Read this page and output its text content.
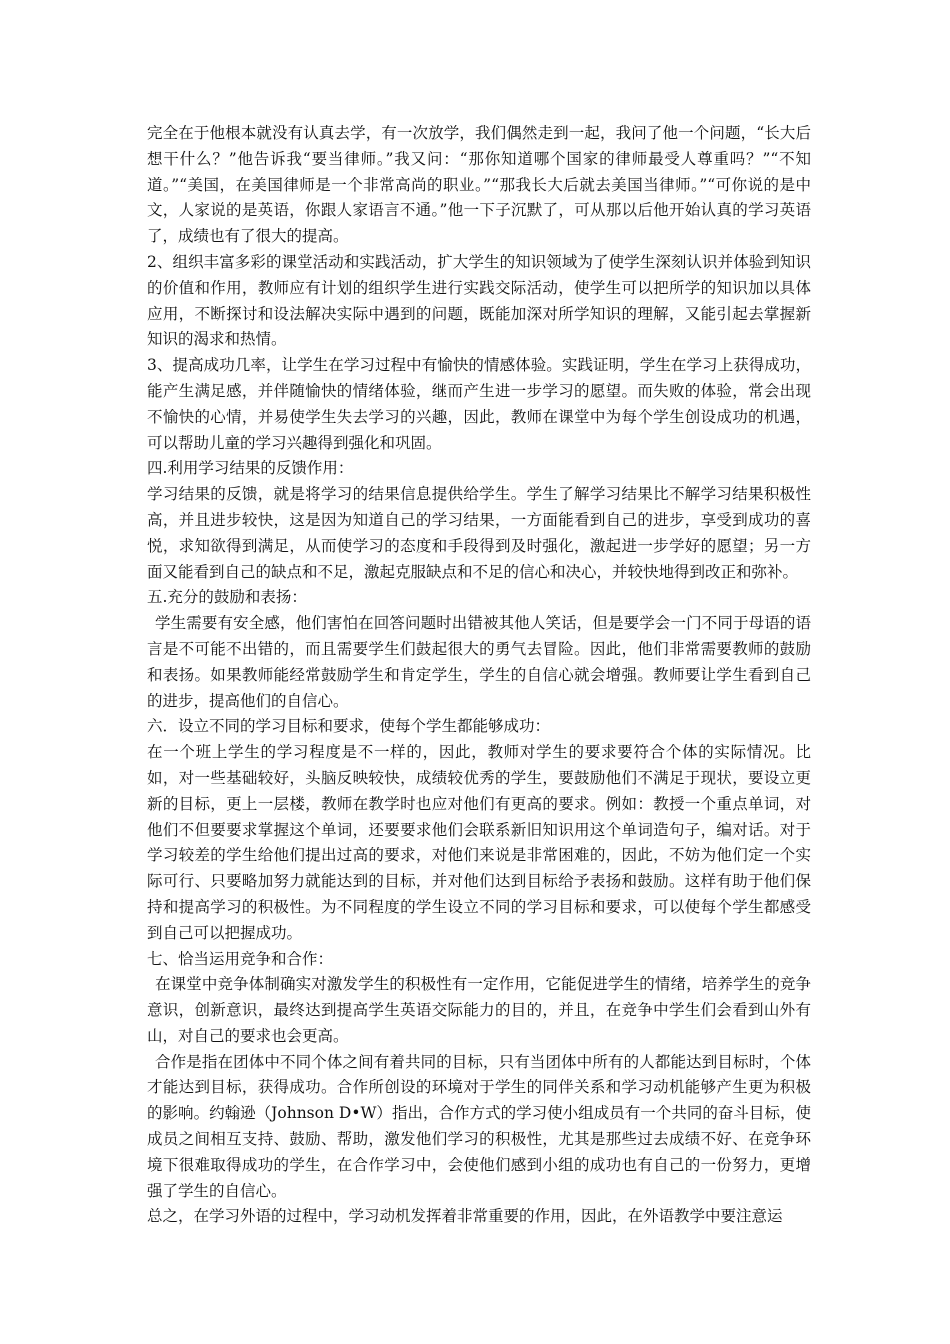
完全在于他根本就没有认真去学，有一次放学，我们偶然走到一起，我问了他一个问题，“长大后想干什么？”他告诉我“要当律师。”我又问：“那你知道哪个国家的律师最受人尊重吗？”“不知道。”“美国，在美国律师是一个非常高尚的职业。”“那我长大后就去美国当律师。”“可你说的是中文，人家说的是英语，你跟人家语言不通。”他一下子沉默了，可从那以后他开始认真的学习英语了，成绩也有了很大的提高。

2、组织丰富多彩的课堂活动和实践活动，扩大学生的知识领域为了使学生深刻认识并体验到知识的价值和作用，教师应有计划的组织学生进行实践交际活动，使学生可以把所学的知识加以具体应用，不断探讨和设法解决实际中遇到的问题，既能加深对所学知识的理解，又能引起去掌握新知识的渴求和热情。

3、提高成功几率，让学生在学习过程中有愉快的情感体验。实践证明，学生在学习上获得成功，能产生满足感，并伴随愉快的情绪体验，继而产生进一步学习的愿望。而失败的体验，常会出现不愉快的心情，并易使学生失去学习的兴趣，因此，教师在课堂中为每个学生创设成功的机遇，可以帮助儿童的学习兴趣得到强化和巩固。

四.利用学习结果的反馈作用：

学习结果的反馈，就是将学习的结果信息提供给学生。学生了解学习结果比不解学习结果积极性高，并且进步较快，这是因为知道自己的学习结果，一方面能看到自己的进步，享受到成功的喜悦，求知欲得到满足，从而使学习的态度和手段得到及时强化，激起进一步学好的愿望；另一方面又能看到自己的缺点和不足，激起克服缺点和不足的信心和决心，并较快地得到改正和弥补。

五.充分的鼓励和表扬：

学生需要有安全感，他们害怕在回答问题时出错被其他人笑话，但是要学会一门不同于母语的语言是不可能不出错的，而且需要学生们鼓起很大的勇气去冒险。因此，他们非常需要教师的鼓励和表扬。如果教师能经常鼓励学生和肯定学生，学生的自信心就会增强。教师要让学生看到自己的进步，提高他们的自信心。

六．设立不同的学习目标和要求，使每个学生都能够成功：

在一个班上学生的学习程度是不一样的，因此，教师对学生的要求要符合个体的实际情况。比如，对一些基础较好，头脑反映较快，成绩较优秀的学生，要鼓励他们不满足于现状，要设立更新的目标，更上一层楼，教师在教学时也应对他们有更高的要求。例如：教授一个重点单词，对他们不但要要求掌握这个单词，还要要求他们会联系新旧知识用这个单词造句子，编对话。对于学习较差的学生给他们提出过高的要求，对他们来说是非常困难的，因此，不妨为他们定一个实际可行、只要略加努力就能达到的目标，并对他们达到目标给予表扬和鼓励。这样有助于他们保持和提高学习的积极性。为不同程度的学生设立不同的学习目标和要求，可以使每个学生都感受到自己可以把握成功。

七、恰当运用竞争和合作：

在课堂中竞争体制确实对激发学生的积极性有一定作用，它能促进学生的情绪，培养学生的竞争意识，创新意识，最终达到提高学生英语交际能力的目的，并且，在竞争中学生们会看到山外有山，对自己的要求也会更高。

合作是指在团体中不同个体之间有着共同的目标，只有当团体中所有的人都能达到目标时，个体才能达到目标，获得成功。合作所创设的环境对于学生的同伴关系和学习动机能够产生更为积极的影响。约翰逊（Johnson D•W）指出，合作方式的学习使小组成员有一个共同的奋斗目标，使成员之间相互支持、鼓励、帮助，激发他们学习的积极性，尤其是那些过去成绩不好、在竞争环境下很难取得成功的学生，在合作学习中，会使他们感到小组的成功也有自己的一份努力，更增强了学生的自信心。

总之，在学习外语的过程中，学习动机发挥着非常重要的作用，因此，在外语教学中要注意运
